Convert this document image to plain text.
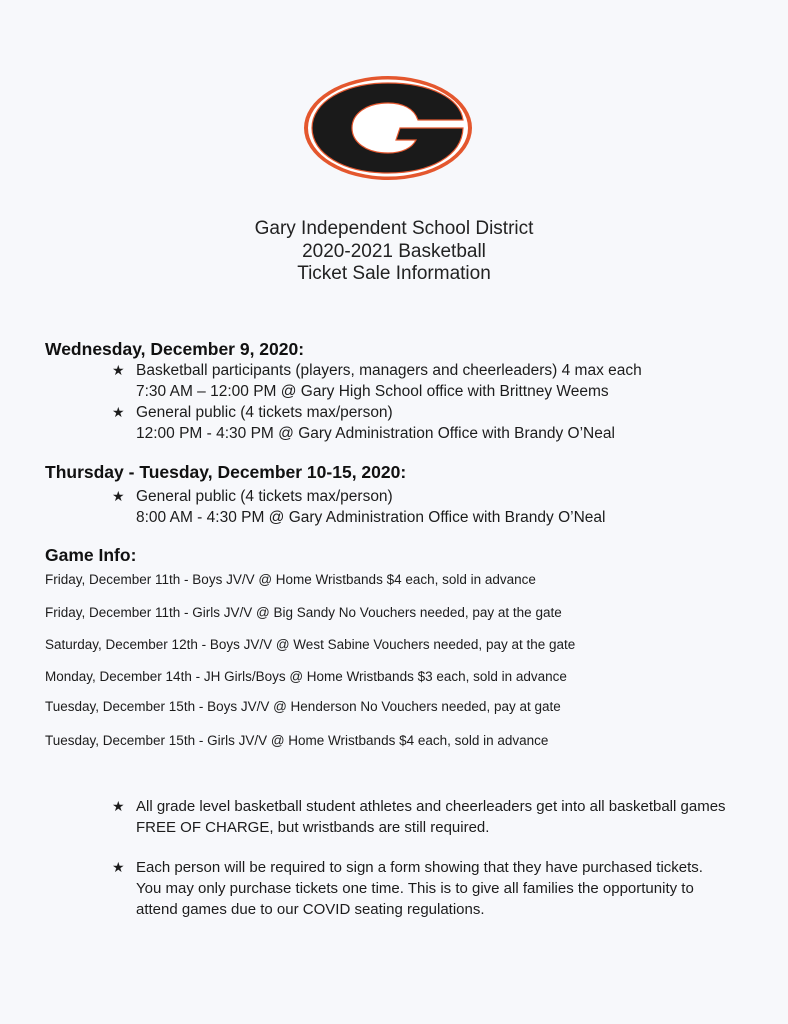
Gary Independent School District
2020-2021 Basketball
Ticket Sale Information
Wednesday, December 9, 2020:
★ Basketball participants (players, managers and cheerleaders) 4 max each
7:30 AM – 12:00 PM @ Gary High School office with Brittney Weems
★ General public (4 tickets max/person)
12:00 PM - 4:30 PM @ Gary Administration Office with Brandy O’Neal
Thursday - Tuesday, December 10-15, 2020:
★ General public (4 tickets max/person)
8:00 AM - 4:30 PM @ Gary Administration Office with Brandy O’Neal
Game Info:
Friday, December 11th - Boys JV/V @ Home Wristbands $4 each, sold in advance
Friday, December 11th - Girls JV/V @ Big Sandy No Vouchers needed, pay at the gate
Saturday, December 12th - Boys JV/V @ West Sabine Vouchers needed, pay at the gate
Monday, December 14th - JH Girls/Boys @ Home Wristbands $3 each, sold in advance
Tuesday, December 15th - Boys JV/V @ Henderson No Vouchers needed, pay at gate
Tuesday, December 15th - Girls JV/V @ Home Wristbands $4 each, sold in advance
★ All grade level basketball student athletes and cheerleaders get into all basketball games FREE OF CHARGE, but wristbands are still required.
★ Each person will be required to sign a form showing that they have purchased tickets. You may only purchase tickets one time. This is to give all families the opportunity to attend games due to our COVID seating regulations.
